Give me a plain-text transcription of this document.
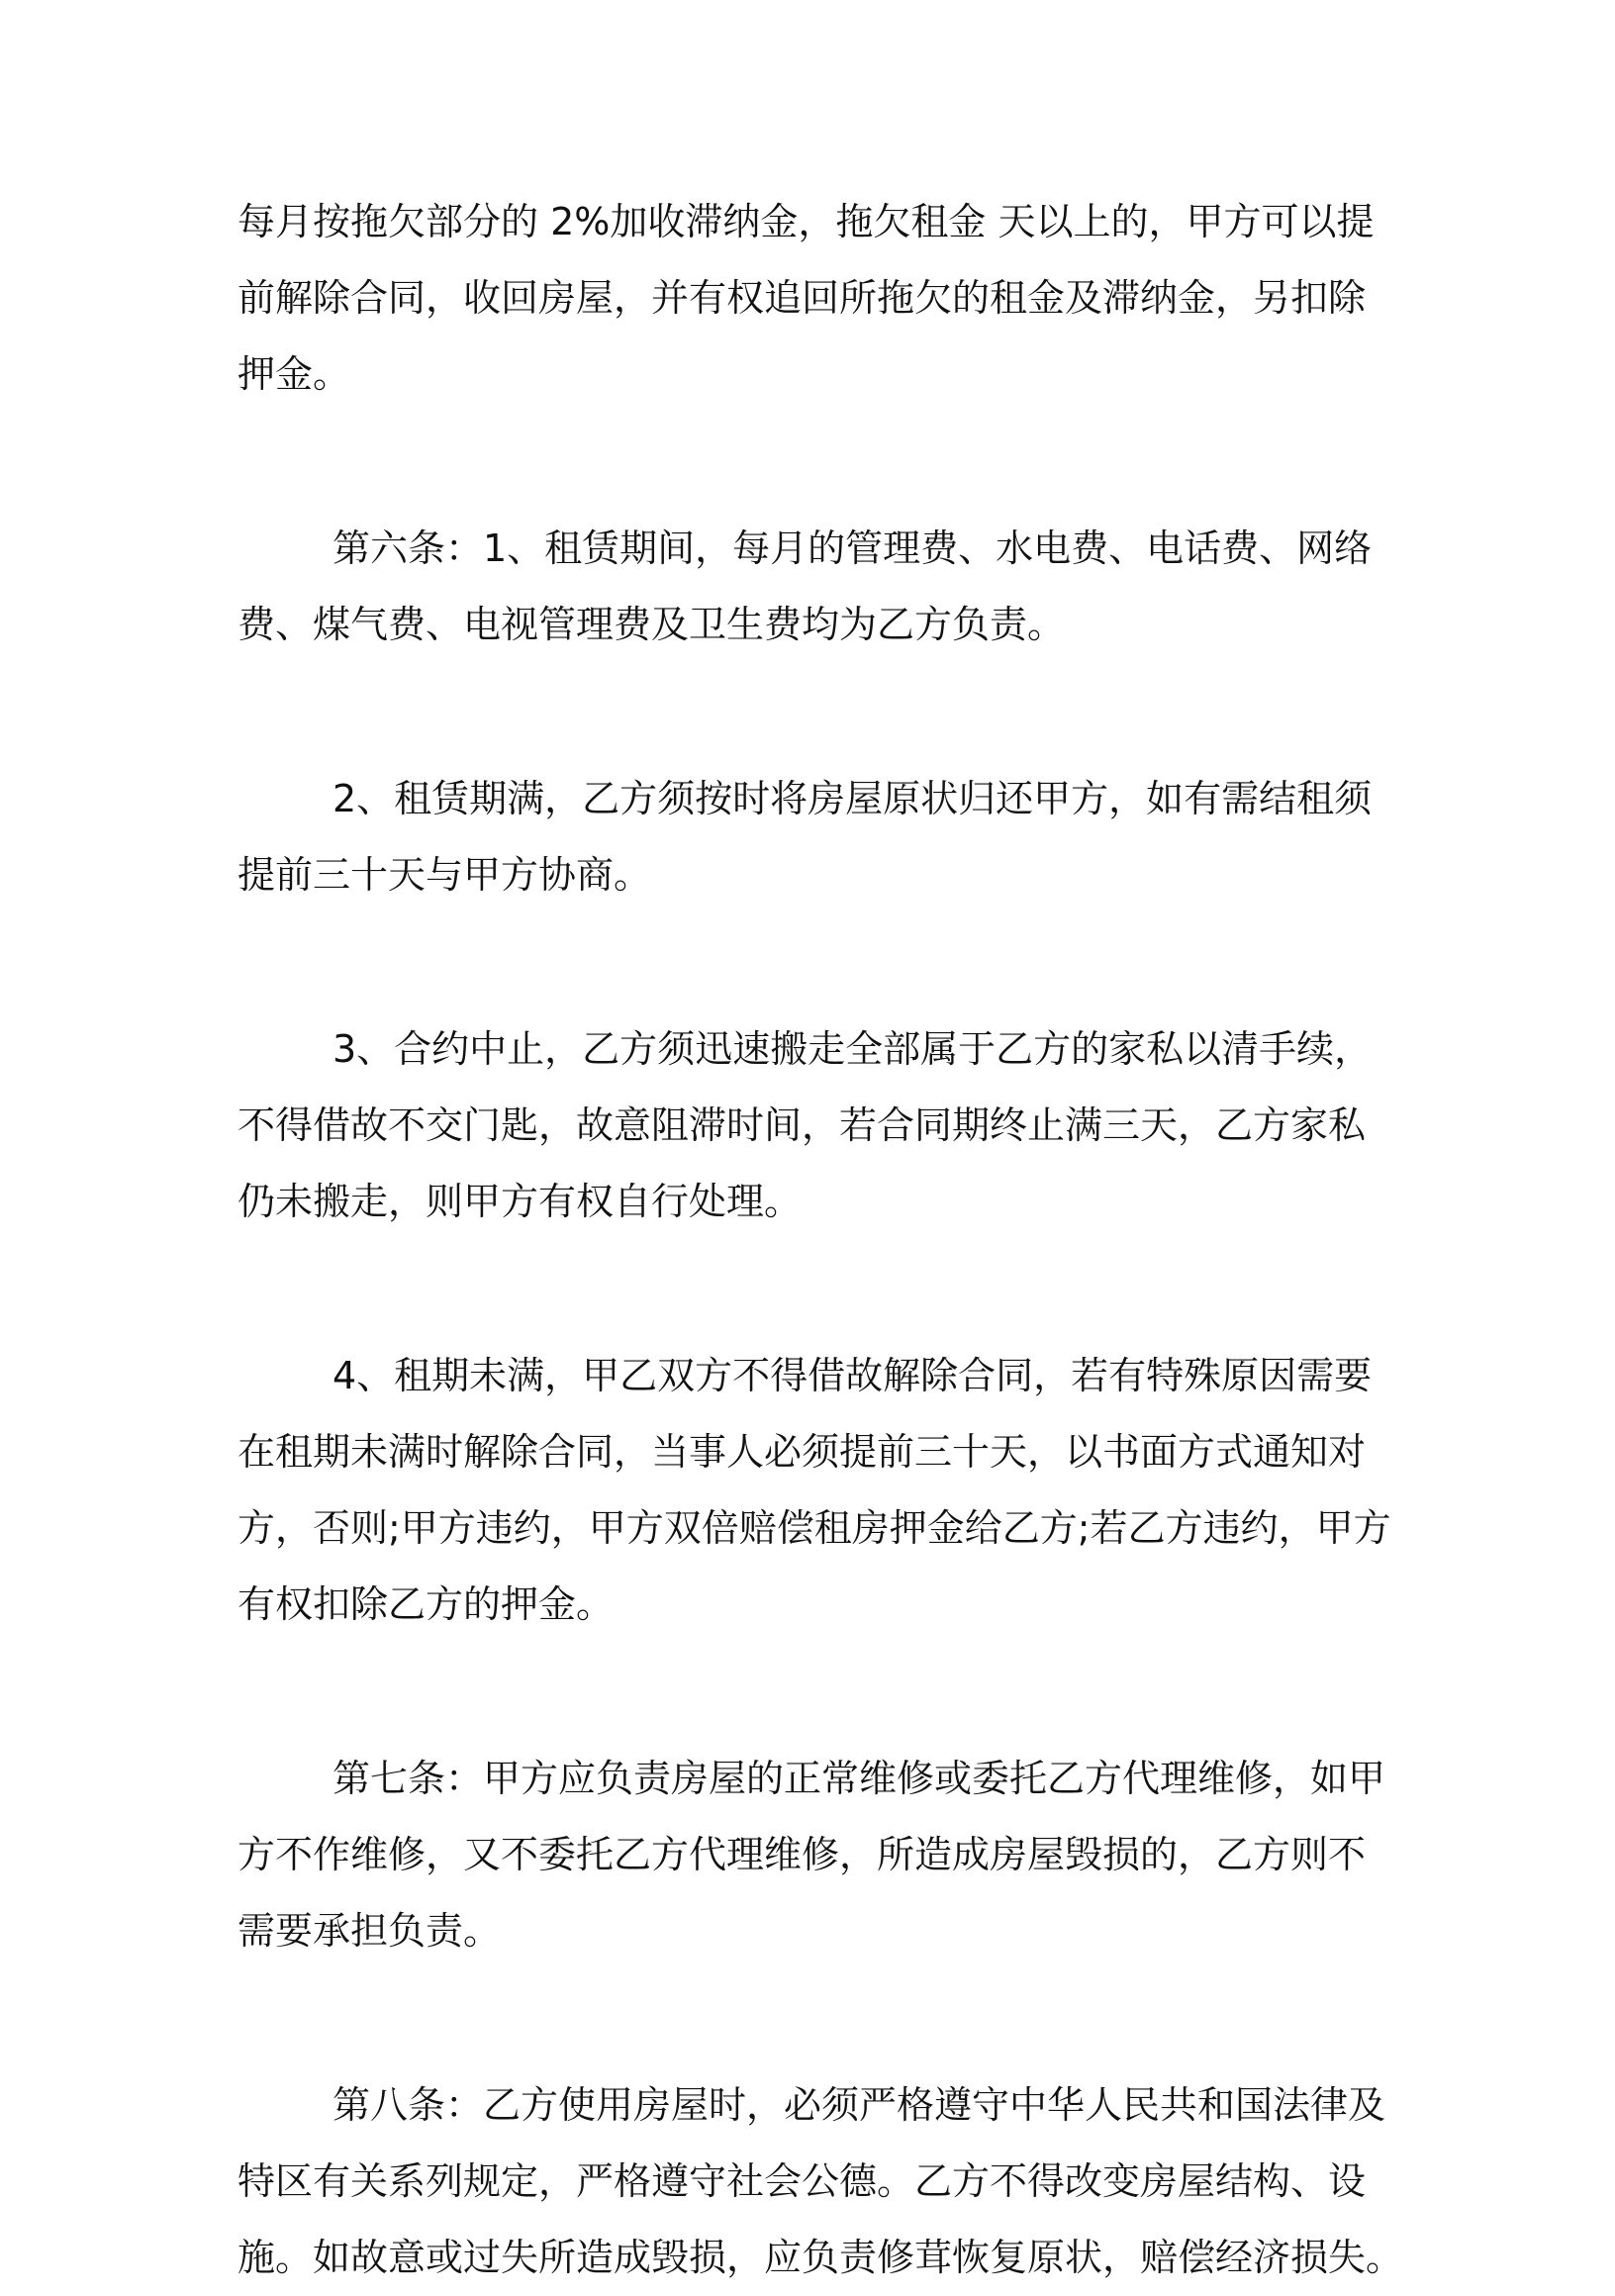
每月按拖欠部分的 2%加收滞纳金，拖欠租金 天以上的，甲方可以提
前解除合同，收回房屋，并有权追回所拖欠的租金及滞纳金，另扣除
押金。
第六条：1、租赁期间，每月的管理费、水电费、电话费、网络
费、煤气费、电视管理费及卫生费均为乙方负责。
2、租赁期满，乙方须按时将房屋原状归还甲方，如有需结租须
提前三十天与甲方协商。
3、合约中止，乙方须迅速搬走全部属于乙方的家私以清手续，
不得借故不交门匙，故意阻滞时间，若合同期终止满三天，乙方家私
仍未搬走，则甲方有权自行处理。
4、租期未满，甲乙双方不得借故解除合同，若有特殊原因需要
在租期未满时解除合同，当事人必须提前三十天，以书面方式通知对
方，否则;甲方违约，甲方双倍赔偿租房押金给乙方;若乙方违约，甲方
有权扣除乙方的押金。
第七条：甲方应负责房屋的正常维修或委托乙方代理维修，如甲
方不作维修，又不委托乙方代理维修，所造成房屋毁损的，乙方则不
需要承担负责。
第八条：乙方使用房屋时，必须严格遵守中华人民共和国法律及
特区有关系列规定，严格遵守社会公德。乙方不得改变房屋结构、设
施。如故意或过失所造成毁损，应负责修茸恢复原状，赔偿经济损失。
